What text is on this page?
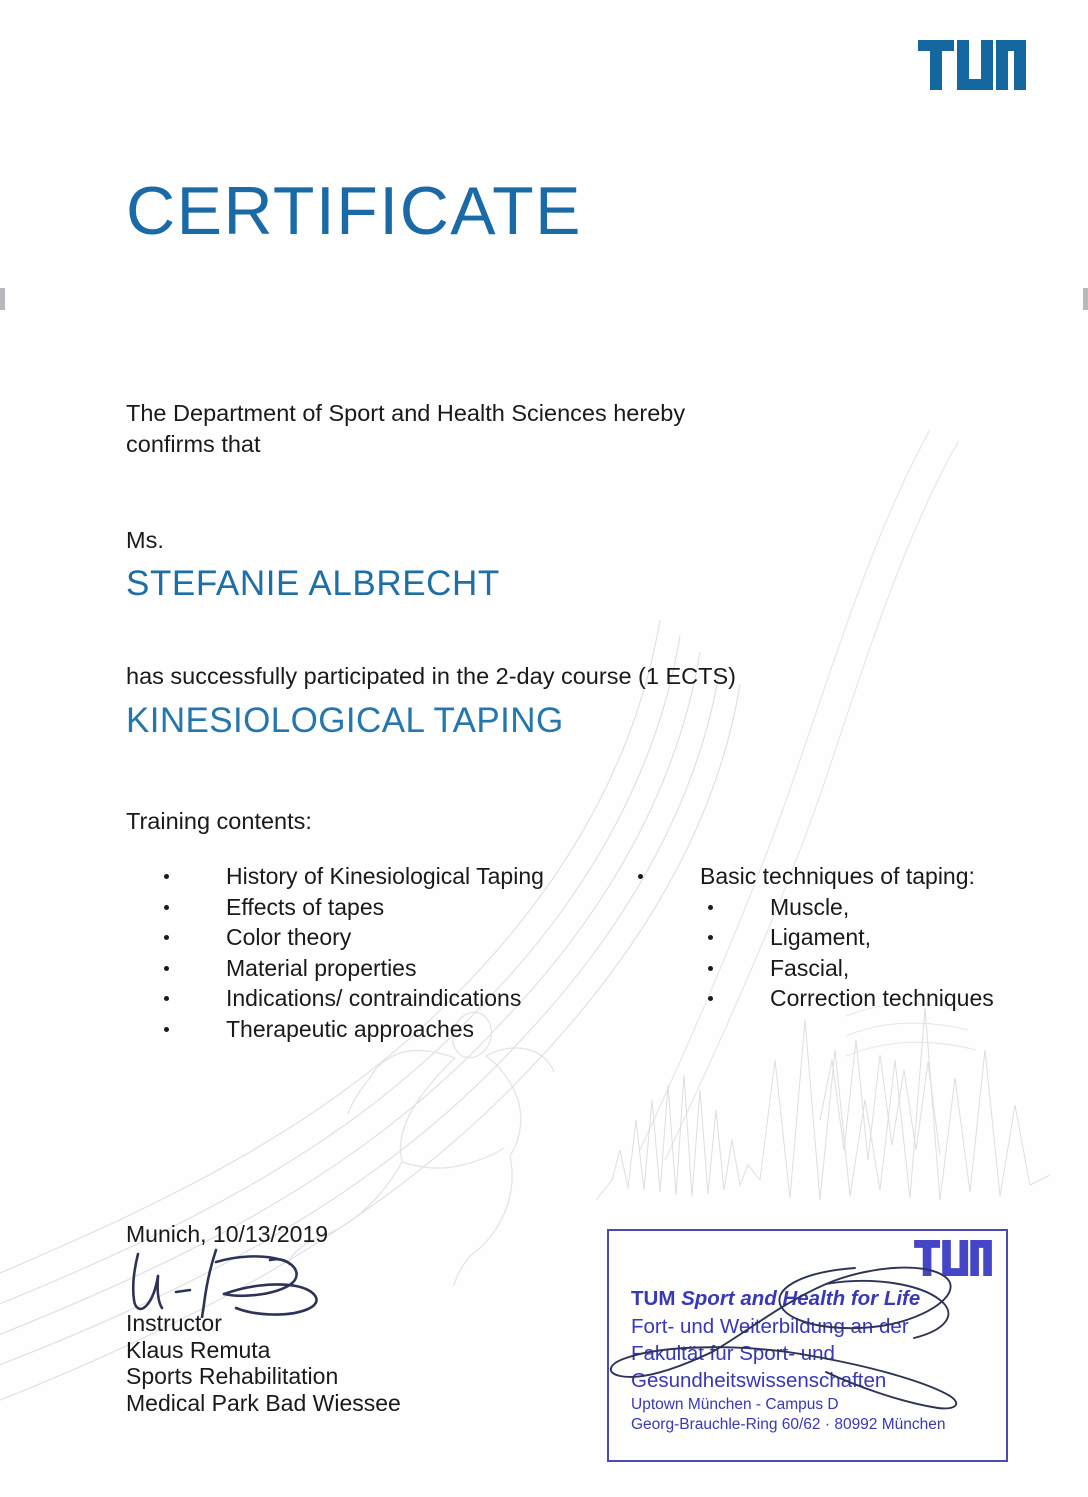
CERTIFICATE
The Department of Sport and Health Sciences hereby
confirms that
Ms.
STEFANIE ALBRECHT
has successfully participated in the 2-day course (1 ECTS)
KINESIOLOGICAL TAPING
Training contents:
History of Kinesiological Taping
Effects of tapes
Color theory
Material properties
Indications/ contraindications
Therapeutic approaches
Basic techniques of taping:
Muscle,
Ligament,
Fascial,
Correction techniques
Munich, 10/13/2019
Instructor
Klaus Remuta
Sports Rehabilitation
Medical Park Bad Wiessee
TUM Sport and Health for Life
Fort- und Weiterbildung an der
Fakultät für Sport- und
Gesundheitswissenschaften
Uptown München - Campus D
Georg-Brauchle-Ring 60/62 · 80992 München
